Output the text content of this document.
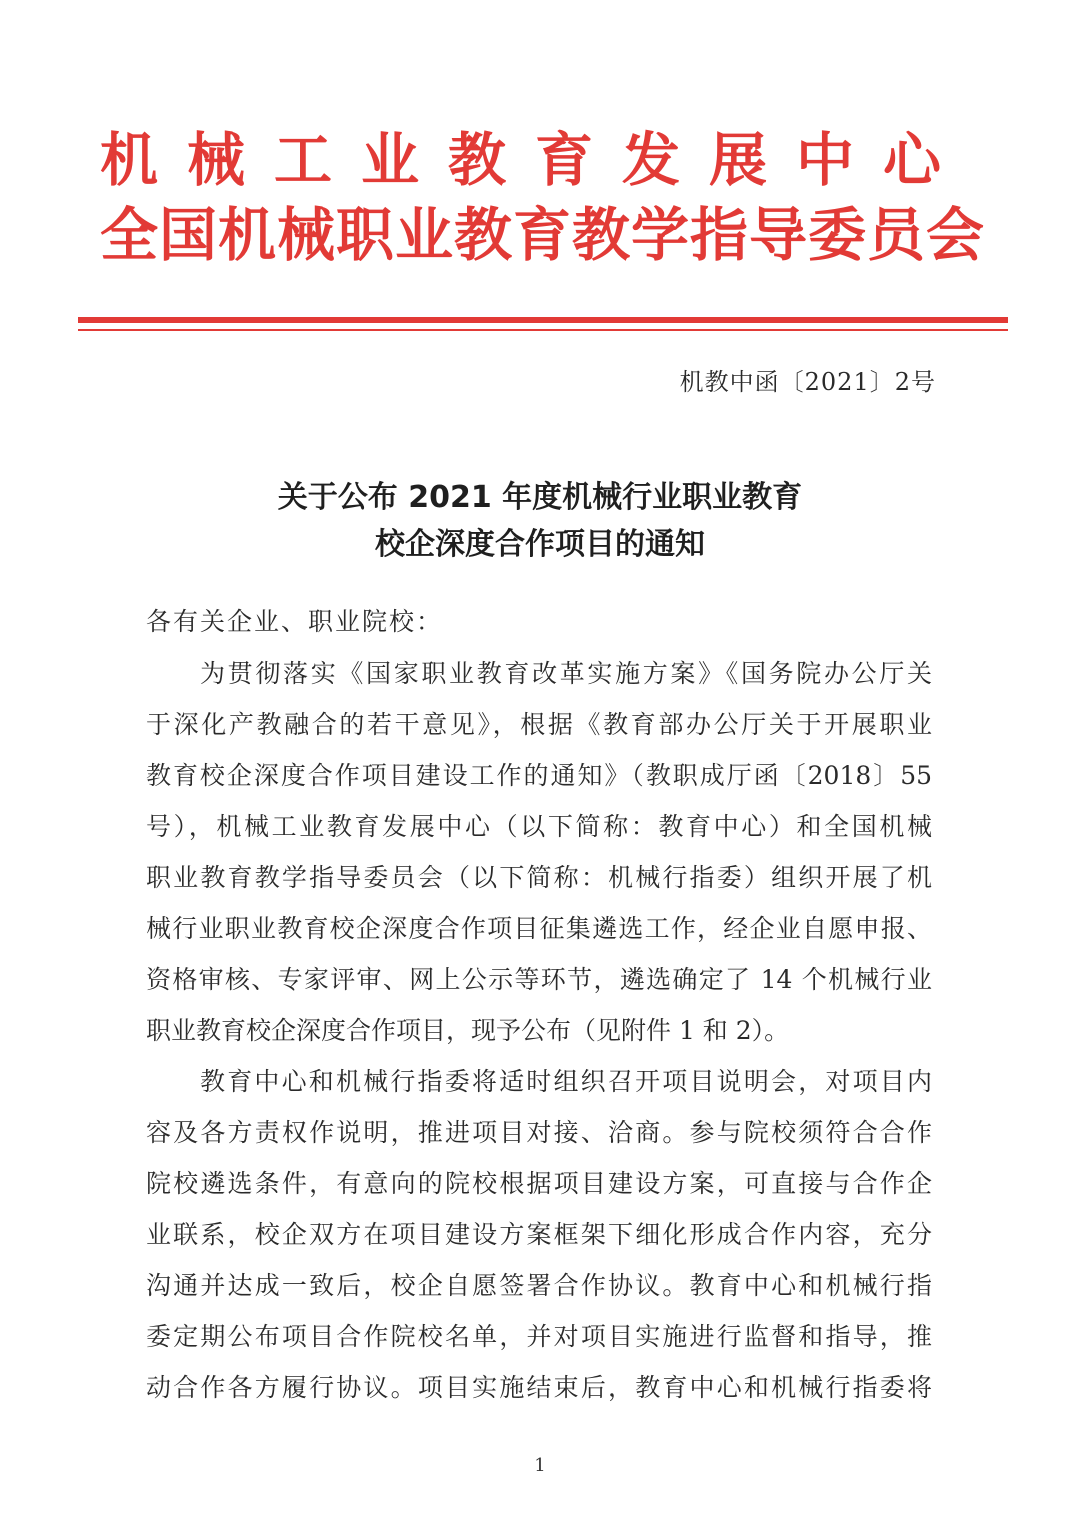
机械工业教育发展中心
全国机械职业教育教学指导委员会
机教中函〔2021〕2号
关于公布 2021 年度机械行业职业教育
校企深度合作项目的通知
各有关企业、职业院校：
为贯彻落实《国家职业教育改革实施方案》《国务院办公厅关
于深化产教融合的若干意见》，根据《教育部办公厅关于开展职业
教育校企深度合作项目建设工作的通知》（教职成厅函〔2018〕55
号），机械工业教育发展中心（以下简称：教育中心）和全国机械
职业教育教学指导委员会（以下简称：机械行指委）组织开展了机
械行业职业教育校企深度合作项目征集遴选工作，经企业自愿申报、
资格审核、专家评审、网上公示等环节，遴选确定了 14 个机械行业
职业教育校企深度合作项目，现予公布（见附件 1 和 2）。
教育中心和机械行指委将适时组织召开项目说明会，对项目内
容及各方责权作说明，推进项目对接、洽商。参与院校须符合合作
院校遴选条件，有意向的院校根据项目建设方案，可直接与合作企
业联系，校企双方在项目建设方案框架下细化形成合作内容，充分
沟通并达成一致后，校企自愿签署合作协议。教育中心和机械行指
委定期公布项目合作院校名单，并对项目实施进行监督和指导，推
动合作各方履行协议。项目实施结束后，教育中心和机械行指委将
1
